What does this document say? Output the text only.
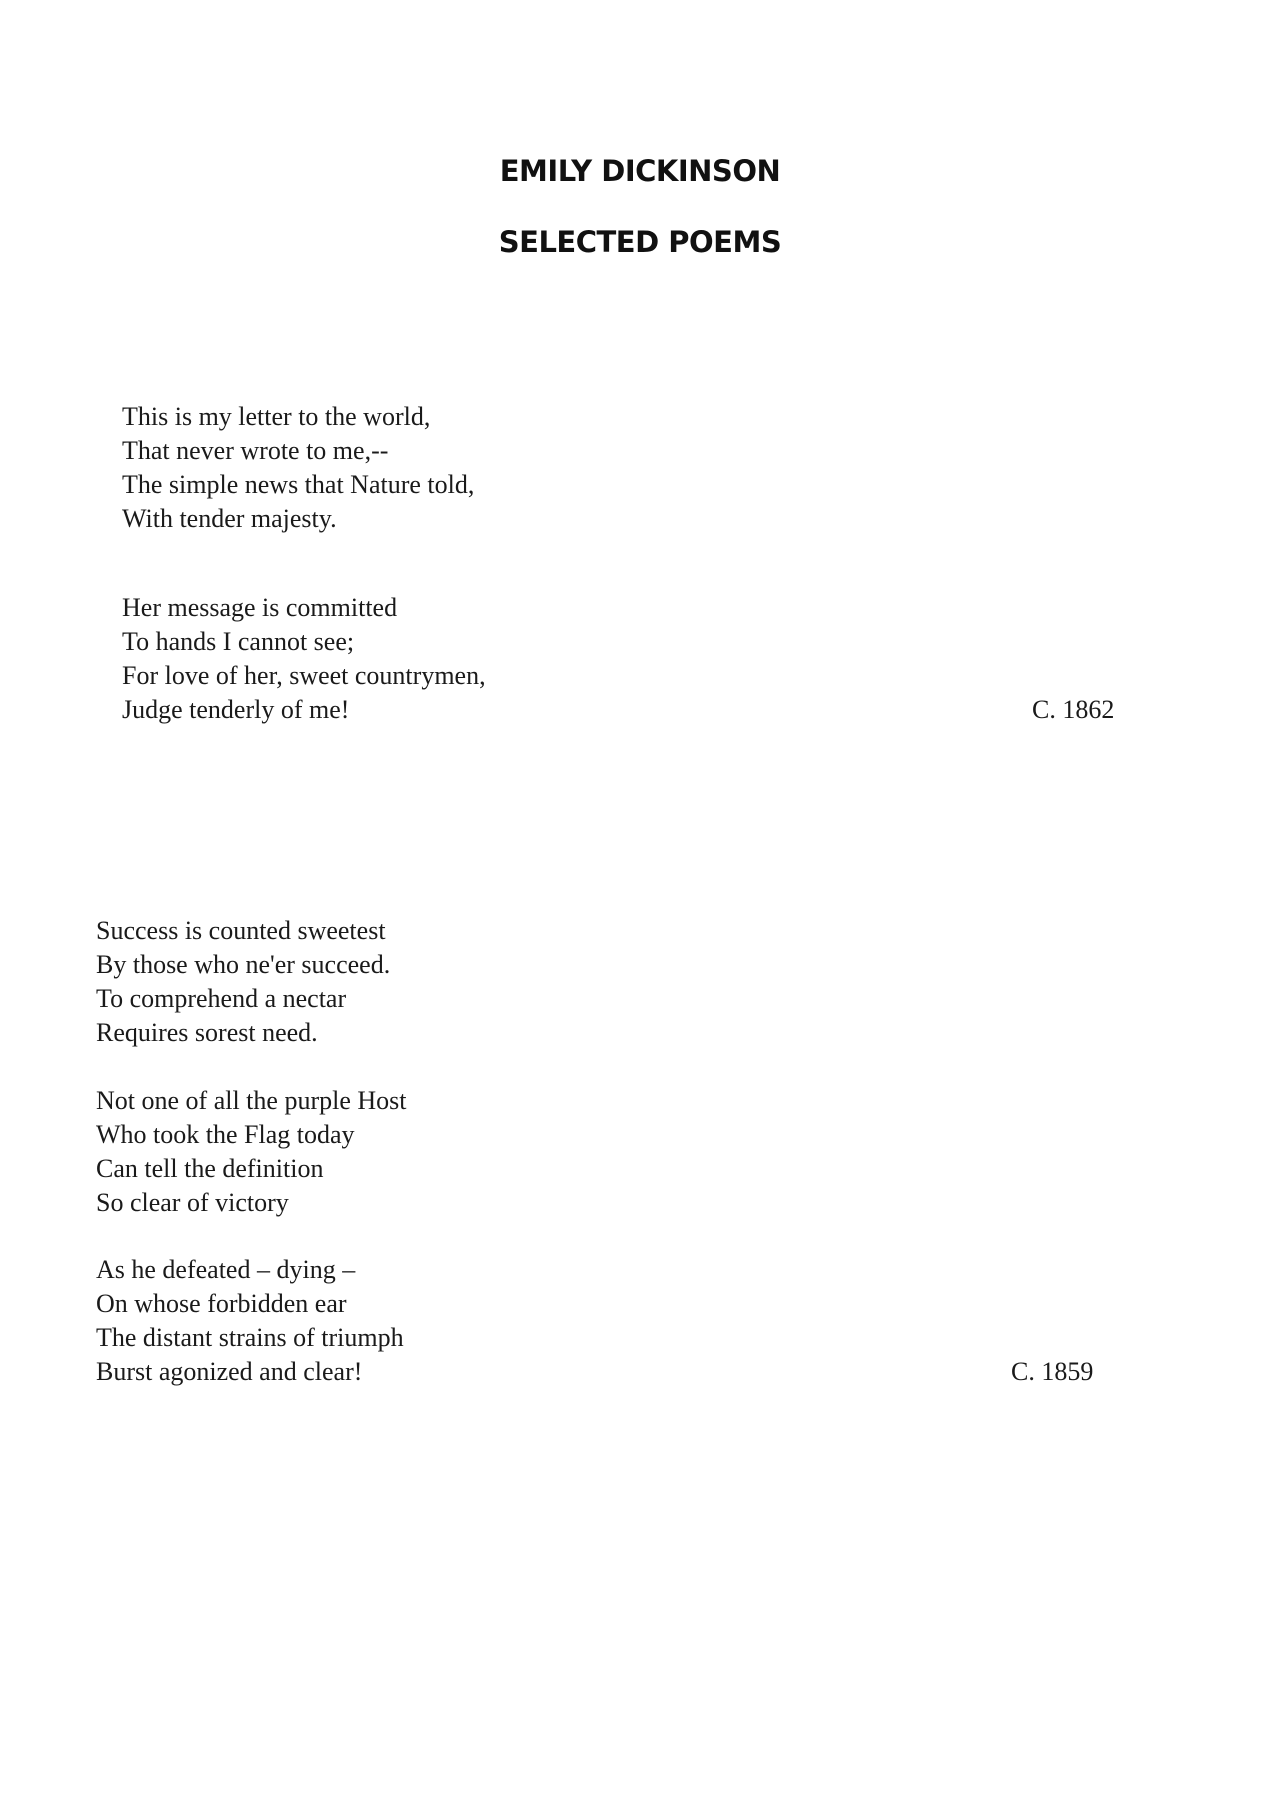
EMILY DICKINSON
SELECTED POEMS
This is my letter to the world,
That never wrote to me,--
The simple news that Nature told,
With tender majesty.
Her message is committed
To hands I cannot see;
For love of her, sweet countrymen,
Judge tenderly of me!	C. 1862
Success is counted sweetest
By those who ne'er succeed.
To comprehend a nectar
Requires sorest need.
Not one of all the purple Host
Who took the Flag today
Can tell the definition
So clear of victory
As he defeated – dying –
On whose forbidden ear
The distant strains of triumph
Burst agonized and clear!	C. 1859
